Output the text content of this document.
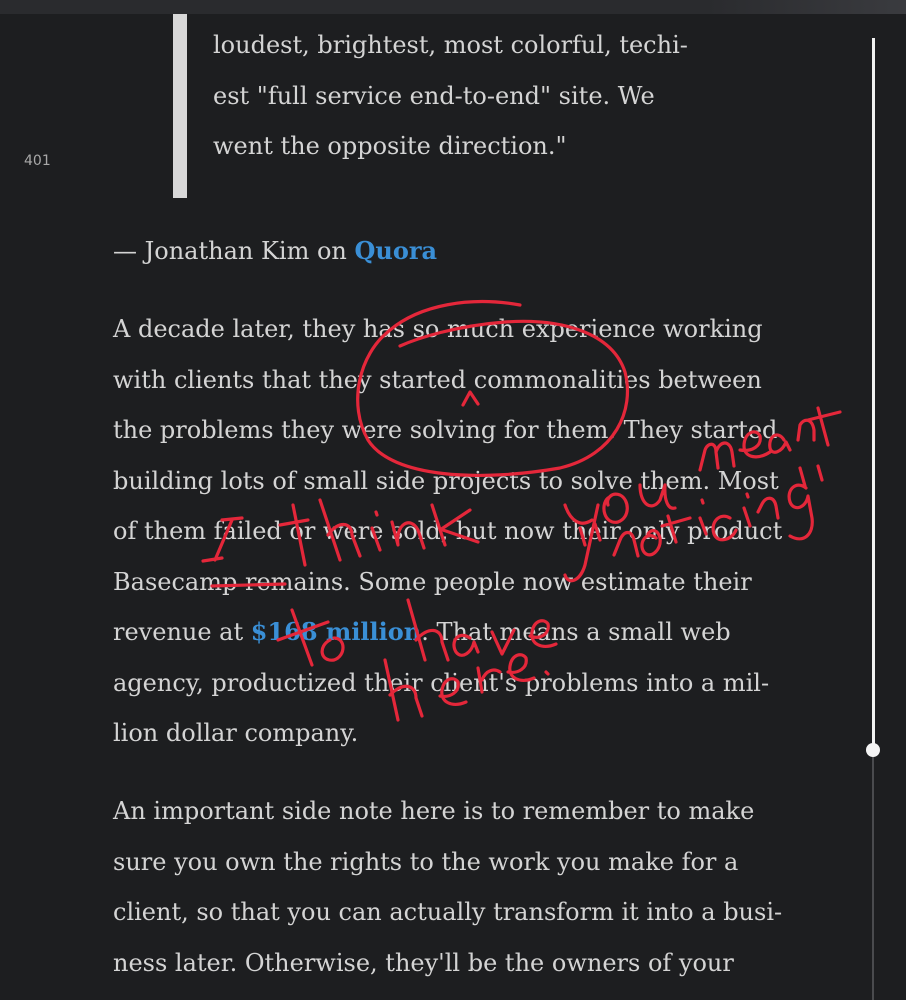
401
loudest, brightest, most colorful, techi-
est "full service end-to-end" site. We
went the opposite direction."
— Jonathan Kim on Quora
A decade later, they has so much experience working
with clients that they started commonalities between
the problems they were solving for them. They started
building lots of small side projects to solve them. Most
of them failed or were sold, but now their only product
Basecamp remains. Some people now estimate their
revenue at $168 million. That means a small web
agency, productized their client's problems into a mil-
lion dollar company.
An important side note here is to remember to make
sure you own the rights to the work you make for a
client, so that you can actually transform it into a busi-
ness later. Otherwise, they'll be the owners of your
